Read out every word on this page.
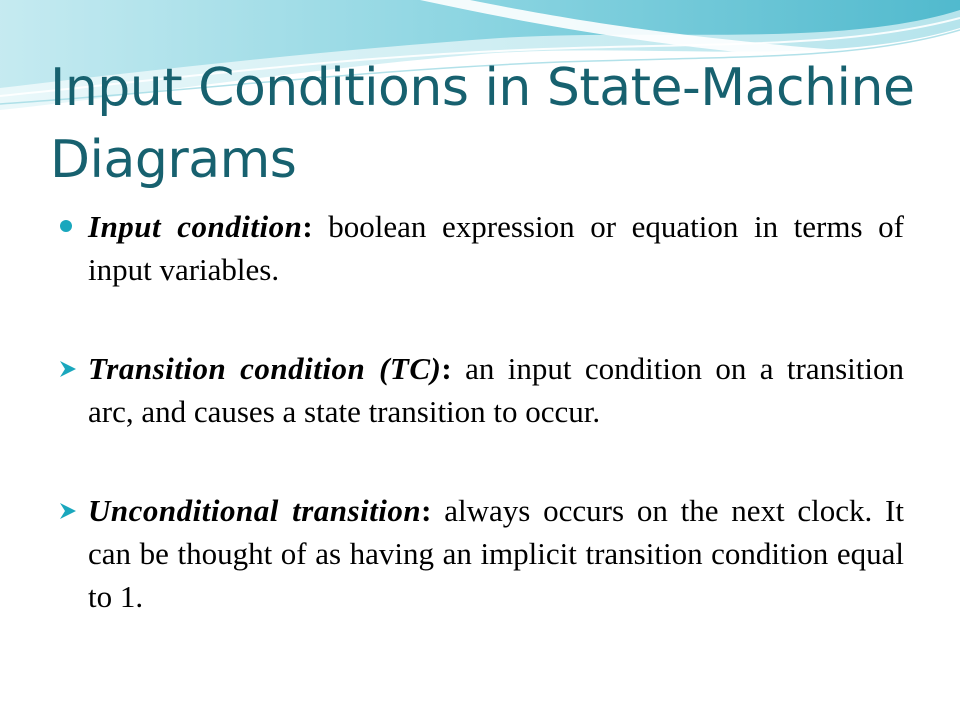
Input Conditions in State-Machine Diagrams

Input condition: boolean expression or equation in terms of input variables.

Transition condition (TC): an input condition on a transition arc, and causes a state transition to occur.

Unconditional transition: always occurs on the next clock. It can be thought of as having an implicit transition condition equal to 1.
